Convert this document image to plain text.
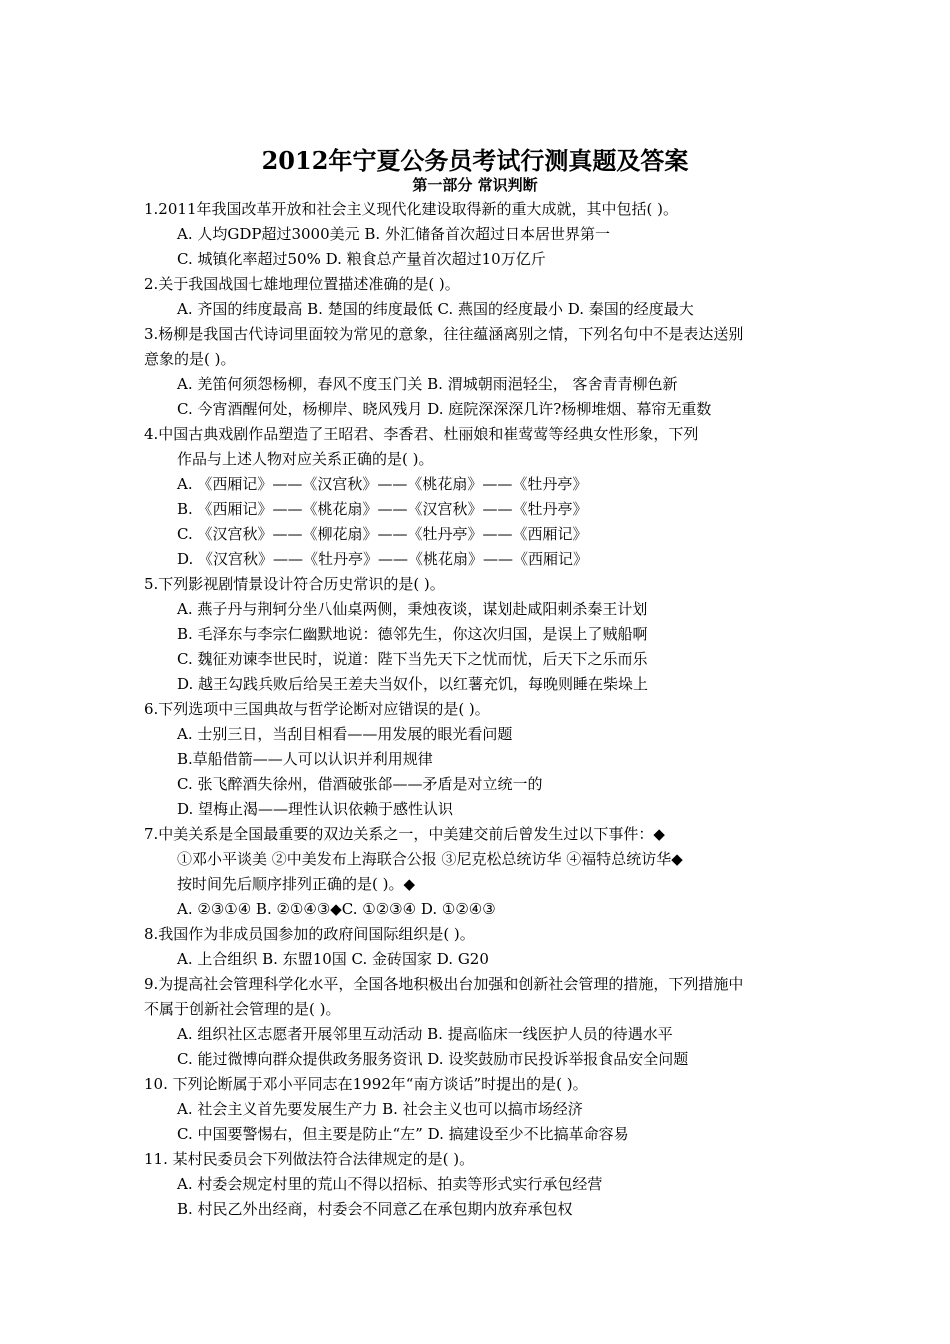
2012年宁夏公务员考试行测真题及答案
第一部分 常识判断
1.2011年我国改革开放和社会主义现代化建设取得新的重大成就，其中包括( )。
A. 人均GDP超过3000美元 B. 外汇储备首次超过日本居世界第一
C. 城镇化率超过50% D. 粮食总产量首次超过10万亿斤
2.关于我国战国七雄地理位置描述准确的是( )。
A. 齐国的纬度最高 B. 楚国的纬度最低 C. 燕国的经度最小 D. 秦国的经度最大
3.杨柳是我国古代诗词里面较为常见的意象，往往蕴涵离别之情，下列名句中不是表达送别
意象的是( )。
A. 羌笛何须怨杨柳，春风不度玉门关 B. 渭城朝雨浥轻尘， 客舍青青柳色新
C. 今宵酒醒何处，杨柳岸、晓风残月 D. 庭院深深深几许?杨柳堆烟、幕帘无重数
4.中国古典戏剧作品塑造了王昭君、李香君、杜丽娘和崔莺莺等经典女性形象，下列
作品与上述人物对应关系正确的是( )。
A. 《西厢记》——《汉宫秋》——《桃花扇》——《牡丹亭》
B. 《西厢记》——《桃花扇》——《汉宫秋》——《牡丹亭》
C. 《汉宫秋》——《柳花扇》——《牡丹亭》——《西厢记》
D. 《汉宫秋》——《牡丹亭》——《桃花扇》——《西厢记》
5.下列影视剧情景设计符合历史常识的是( )。
A. 燕子丹与荆轲分坐八仙桌两侧，秉烛夜谈，谋划赴咸阳刺杀秦王计划
B. 毛泽东与李宗仁幽默地说：德邻先生，你这次归国，是误上了贼船啊
C. 魏征劝谏李世民时，说道：陛下当先天下之忧而忧，后天下之乐而乐
D. 越王勾践兵败后给吴王差夫当奴仆，以红薯充饥，每晚则睡在柴垛上
6.下列选项中三国典故与哲学论断对应错误的是( )。
A. 士别三日，当刮目相看——用发展的眼光看问题
B.草船借箭——人可以认识并利用规律
C. 张飞醉酒失徐州，借酒破张郃——矛盾是对立统一的
D. 望梅止渴——理性认识依赖于感性认识
7.中美关系是全国最重要的双边关系之一，中美建交前后曾发生过以下事件：◆
①邓小平谈美 ②中美发布上海联合公报 ③尼克松总统访华 ④福特总统访华◆
按时间先后顺序排列正确的是( )。◆
A. ②③①④ B. ②①④③◆C. ①②③④ D. ①②④③
8.我国作为非成员国参加的政府间国际组织是( )。
A. 上合组织 B. 东盟10国 C. 金砖国家 D. G20
9.为提高社会管理科学化水平，全国各地积极出台加强和创新社会管理的措施，下列措施中
不属于创新社会管理的是( )。
A. 组织社区志愿者开展邻里互动活动 B. 提高临床一线医护人员的待遇水平
C. 能过微博向群众提供政务服务资讯 D. 设奖鼓励市民投诉举报食品安全问题
10. 下列论断属于邓小平同志在1992年“南方谈话”时提出的是( )。
A. 社会主义首先要发展生产力 B. 社会主义也可以搞市场经济
C. 中国要警惕右，但主要是防止“左” D. 搞建设至少不比搞革命容易
11. 某村民委员会下列做法符合法律规定的是( )。
A. 村委会规定村里的荒山不得以招标、拍卖等形式实行承包经营
B. 村民乙外出经商，村委会不同意乙在承包期内放弃承包权
